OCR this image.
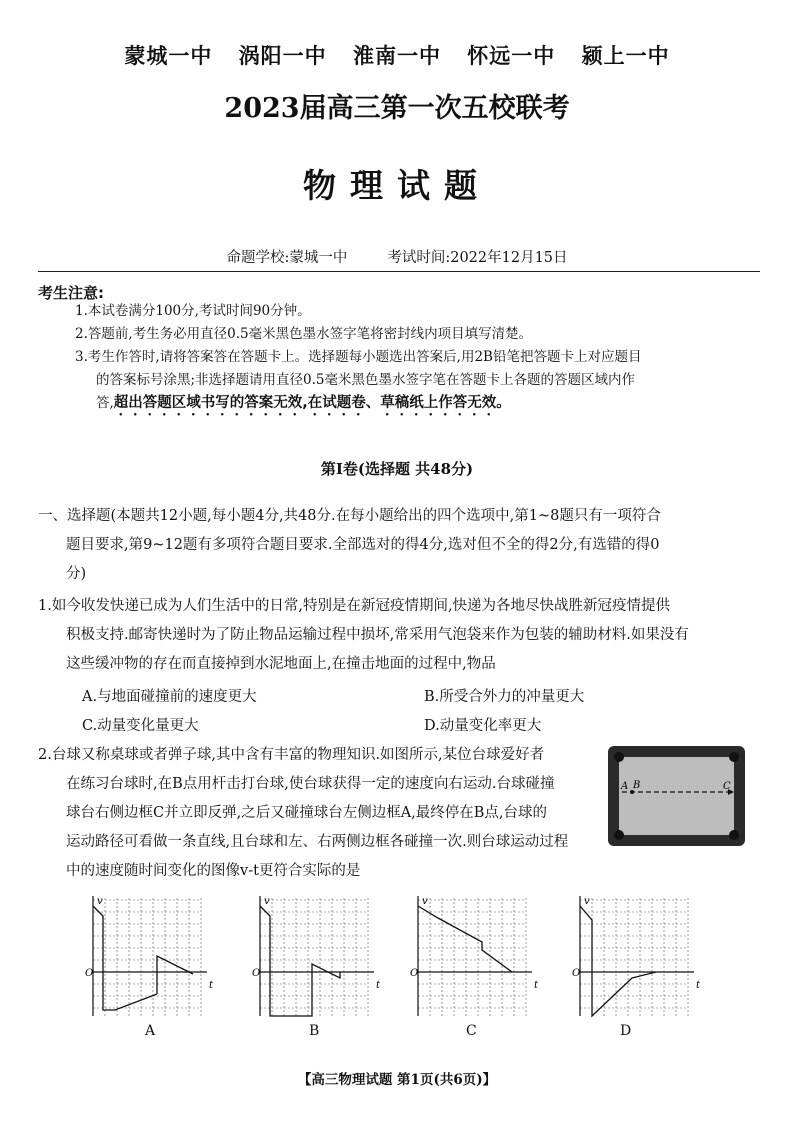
蒙城一中 涡阳一中 淮南一中 怀远一中 颍上一中
2023届高三第一次五校联考
物理试题
命题学校:蒙城一中	考试时间:2022年12月15日
考生注意:
1.本试卷满分100分,考试时间90分钟。
2.答题前,考生务必用直径0.5毫米黑色墨水签字笔将密封线内项目填写清楚。
3.考生作答时,请将答案答在答题卡上。选择题每小题选出答案后,用2B铅笔把答题卡上对应题目
的答案标号涂黑;非选择题请用直径0.5毫米黑色墨水签字笔在答题卡上各题的答题区域内作
答,超出答题区域书写的答案无效,在试题卷、草稿纸上作答无效。
第Ⅰ卷(选择题 共48分)
一、选择题(本题共12小题,每小题4分,共48分.在每小题给出的四个选项中,第1~8题只有一项符合
题目要求,第9~12题有多项符合题目要求.全部选对的得4分,选对但不全的得2分,有选错的得0
分)
1.如今收发快递已成为人们生活中的日常,特别是在新冠疫情期间,快递为各地尽快战胜新冠疫情提供
积极支持.邮寄快递时为了防止物品运输过程中损坏,常采用气泡袋来作为包装的辅助材料.如果没有
这些缓冲物的存在而直接掉到水泥地面上,在撞击地面的过程中,物品
A.与地面碰撞前的速度更大	B.所受合外力的冲量更大
C.动量变化量更大	D.动量变化率更大
2.台球又称桌球或者弹子球,其中含有丰富的物理知识.如图所示,某位台球爱好者
在练习台球时,在B点用杆击打台球,使台球获得一定的速度向右运动.台球碰撞
球台右侧边框C并立即反弹,之后又碰撞球台左侧边框A,最终停在B点,台球的
运动路径可看做一条直线,且台球和左、右两侧边框各碰撞一次.则台球运动过程
中的速度随时间变化的图像v-t更符合实际的是
A B	C
v
t
O
A
v
t
O
B
v
t
O
C
v
t
O
D
【高三物理试题 第1页(共6页)】
